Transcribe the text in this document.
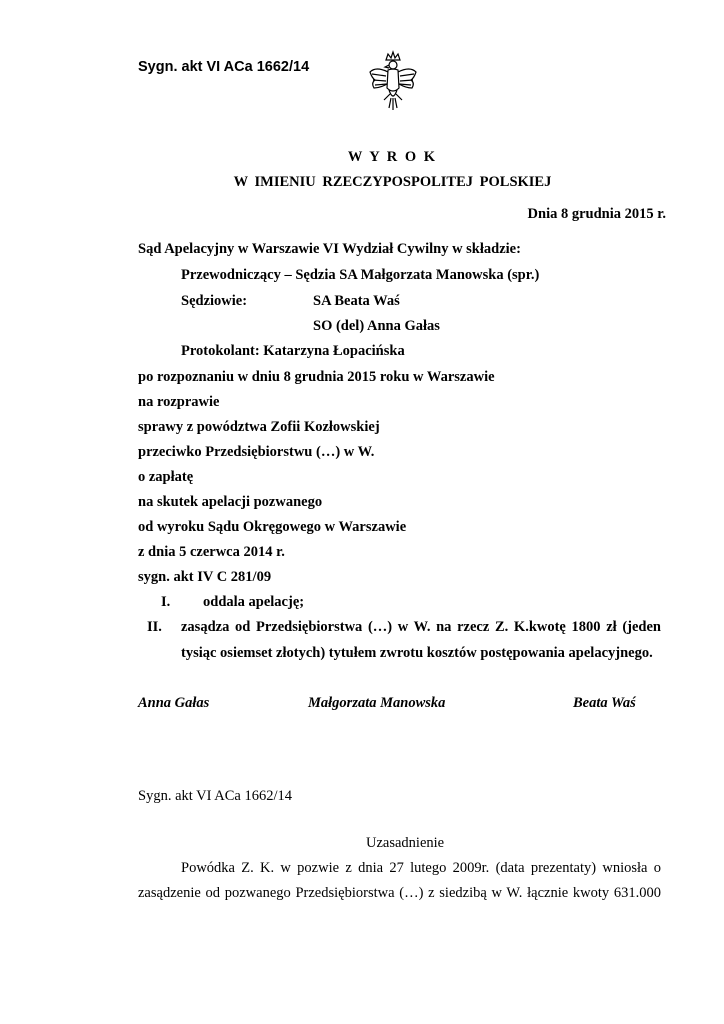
Sygn. akt VI ACa 1662/14
W Y R O K
W IMIENIU RZECZYPOSPOLITEJ POLSKIEJ
Dnia 8 grudnia 2015 r.
Sąd Apelacyjny w Warszawie VI Wydział Cywilny w składzie:
Przewodniczący – Sędzia SA Małgorzata Manowska (spr.)
Sędziowie:	SA Beata Waś
SO (del) Anna Gałas
Protokolant: Katarzyna Łopacińska
po rozpoznaniu w dniu 8 grudnia 2015 roku w Warszawie
na rozprawie
sprawy z powództwa Zofii Kozłowskiej
przeciwko Przedsiębiorstwu (…) w W.
o zapłatę
na skutek apelacji pozwanego
od wyroku Sądu Okręgowego w Warszawie
z dnia 5 czerwca 2014 r.
sygn. akt IV C 281/09
I. oddala apelację;
II. zasądza od Przedsiębiorstwa (…) w W. na rzecz Z. K.kwotę 1800 zł (jeden
tysiąc osiemset złotych) tytułem zwrotu kosztów postępowania apelacyjnego.
Anna Gałas	Małgorzata Manowska	Beata Waś
Sygn. akt VI ACa 1662/14
Uzasadnienie
Powódka Z. K. w pozwie z dnia 27 lutego 2009r. (data prezentaty) wniosła o
zasądzenie od pozwanego Przedsiębiorstwa (…) z siedzibą w W. łącznie kwoty 631.000
